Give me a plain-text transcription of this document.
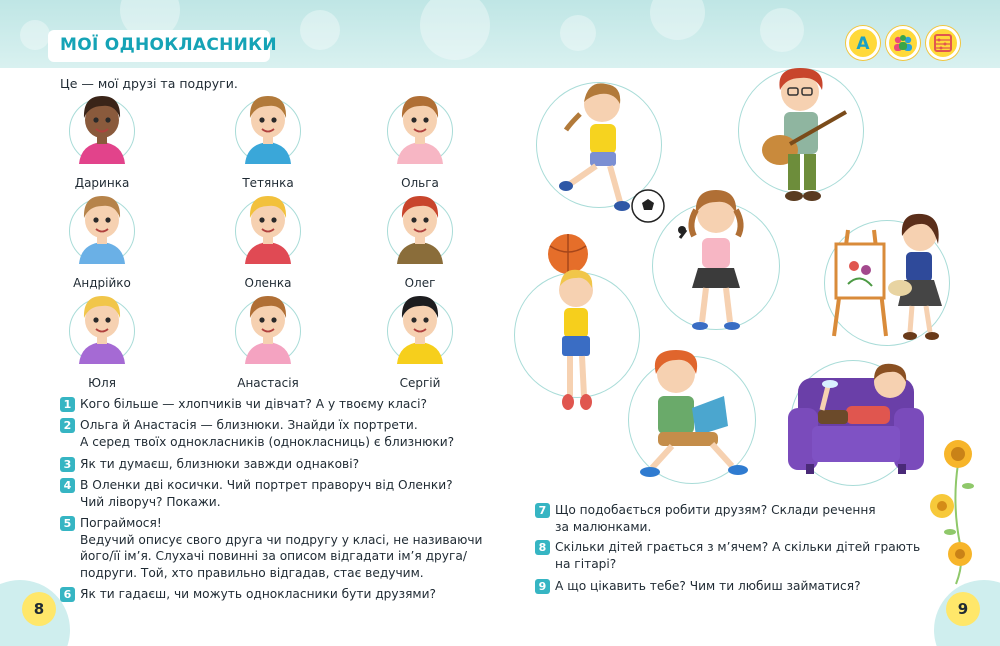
МОЇ ОДНОКЛАСНИКИ	A
Це — мої друзі та подруги.
Даринка	Тетянка	Ольга
Андрійко	Оленка	Олег
Юля	Анастасія	Сергій
1 Кого більше — хлопчиків чи дівчат? А у твоєму класі?
2 Ольга й Анастасія — близнюки. Знайди їх портрети.
А серед твоїх однокласників (однокласниць) є близнюки?
3 Як ти думаєш, близнюки завжди однакові?
4 В Оленки дві косички. Чий портрет праворуч від Оленки?
Чий ліворуч? Покажи.
5 Пограймося!
Ведучий описує свого друга чи подругу у класі, не називаючи
його/її ім’я. Слухачі повинні за описом відгадати ім’я друга/
подруги. Той, хто правильно відгадав, стає ведучим.
6 Як ти гадаєш, чи можуть однокласники бути друзями?
7 Що подобається робити друзям? Склади речення
за малюнками.
8 Скільки дітей грається з м’ячем? А скільки дітей грають
на гітарі?
9 А що цікавить тебе? Чим ти любиш займатися?
8	9
